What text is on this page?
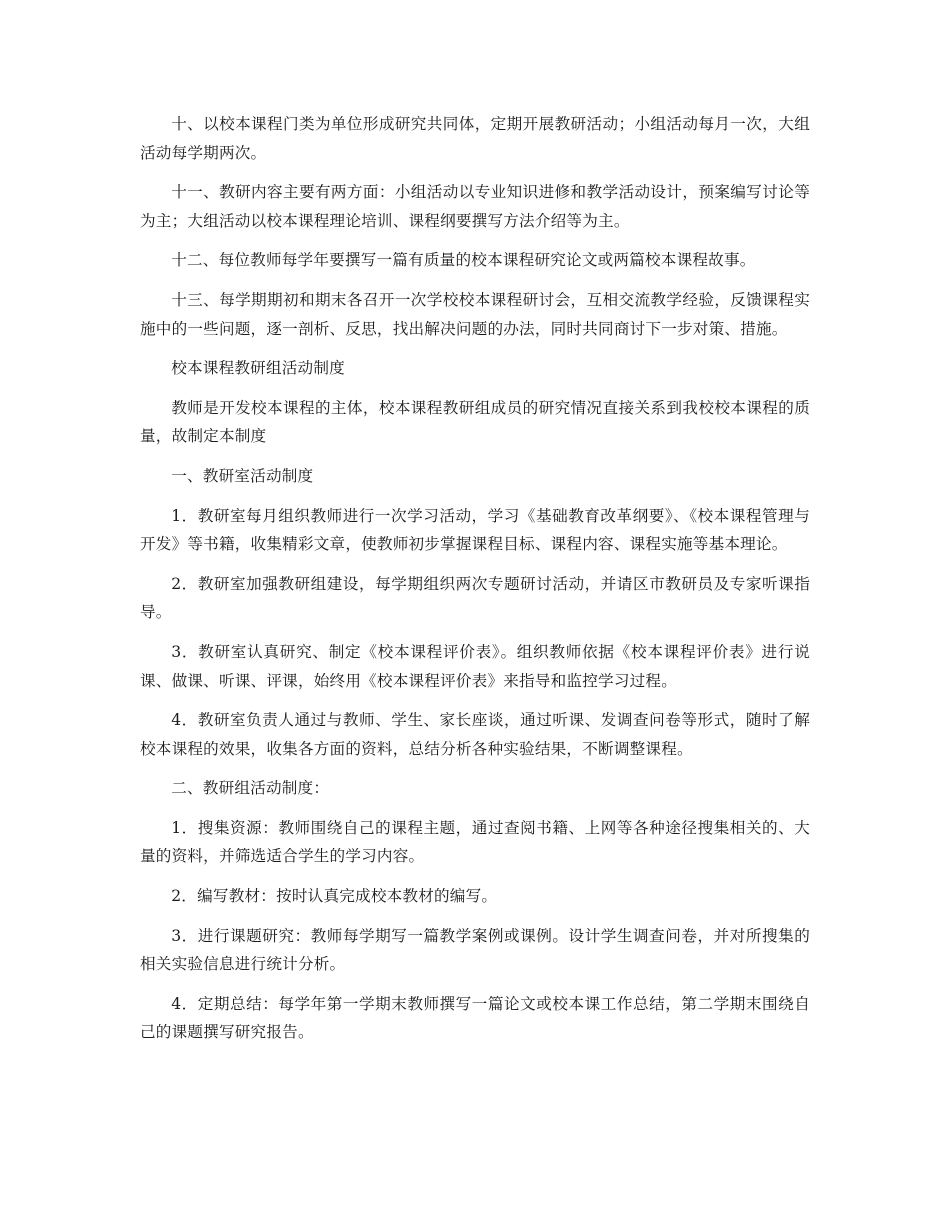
十、以校本课程门类为单位形成研究共同体，定期开展教研活动；小组活动每月一次，大组活动每学期两次。

十一、教研内容主要有两方面：小组活动以专业知识进修和教学活动设计，预案编写讨论等为主；大组活动以校本课程理论培训、课程纲要撰写方法介绍等为主。

十二、每位教师每学年要撰写一篇有质量的校本课程研究论文或两篇校本课程故事。

十三、每学期期初和期末各召开一次学校校本课程研讨会，互相交流教学经验，反馈课程实施中的一些问题，逐一剖析、反思，找出解决问题的办法，同时共同商讨下一步对策、措施。

校本课程教研组活动制度

教师是开发校本课程的主体，校本课程教研组成员的研究情况直接关系到我校校本课程的质量，故制定本制度

一、教研室活动制度

1．教研室每月组织教师进行一次学习活动，学习《基础教育改革纲要》、《校本课程管理与开发》等书籍，收集精彩文章，使教师初步掌握课程目标、课程内容、课程实施等基本理论。

2．教研室加强教研组建设，每学期组织两次专题研讨活动，并请区市教研员及专家听课指导。

3．教研室认真研究、制定《校本课程评价表》。组织教师依据《校本课程评价表》进行说课、做课、听课、评课，始终用《校本课程评价表》来指导和监控学习过程。

4．教研室负责人通过与教师、学生、家长座谈，通过听课、发调查问卷等形式，随时了解校本课程的效果，收集各方面的资料，总结分析各种实验结果，不断调整课程。

二、教研组活动制度：

1．搜集资源：教师围绕自己的课程主题，通过查阅书籍、上网等各种途径搜集相关的、大量的资料，并筛选适合学生的学习内容。

2．编写教材：按时认真完成校本教材的编写。

3．进行课题研究：教师每学期写一篇教学案例或课例。设计学生调查问卷，并对所搜集的相关实验信息进行统计分析。

4．定期总结：每学年第一学期末教师撰写一篇论文或校本课工作总结，第二学期末围绕自己的课题撰写研究报告。
